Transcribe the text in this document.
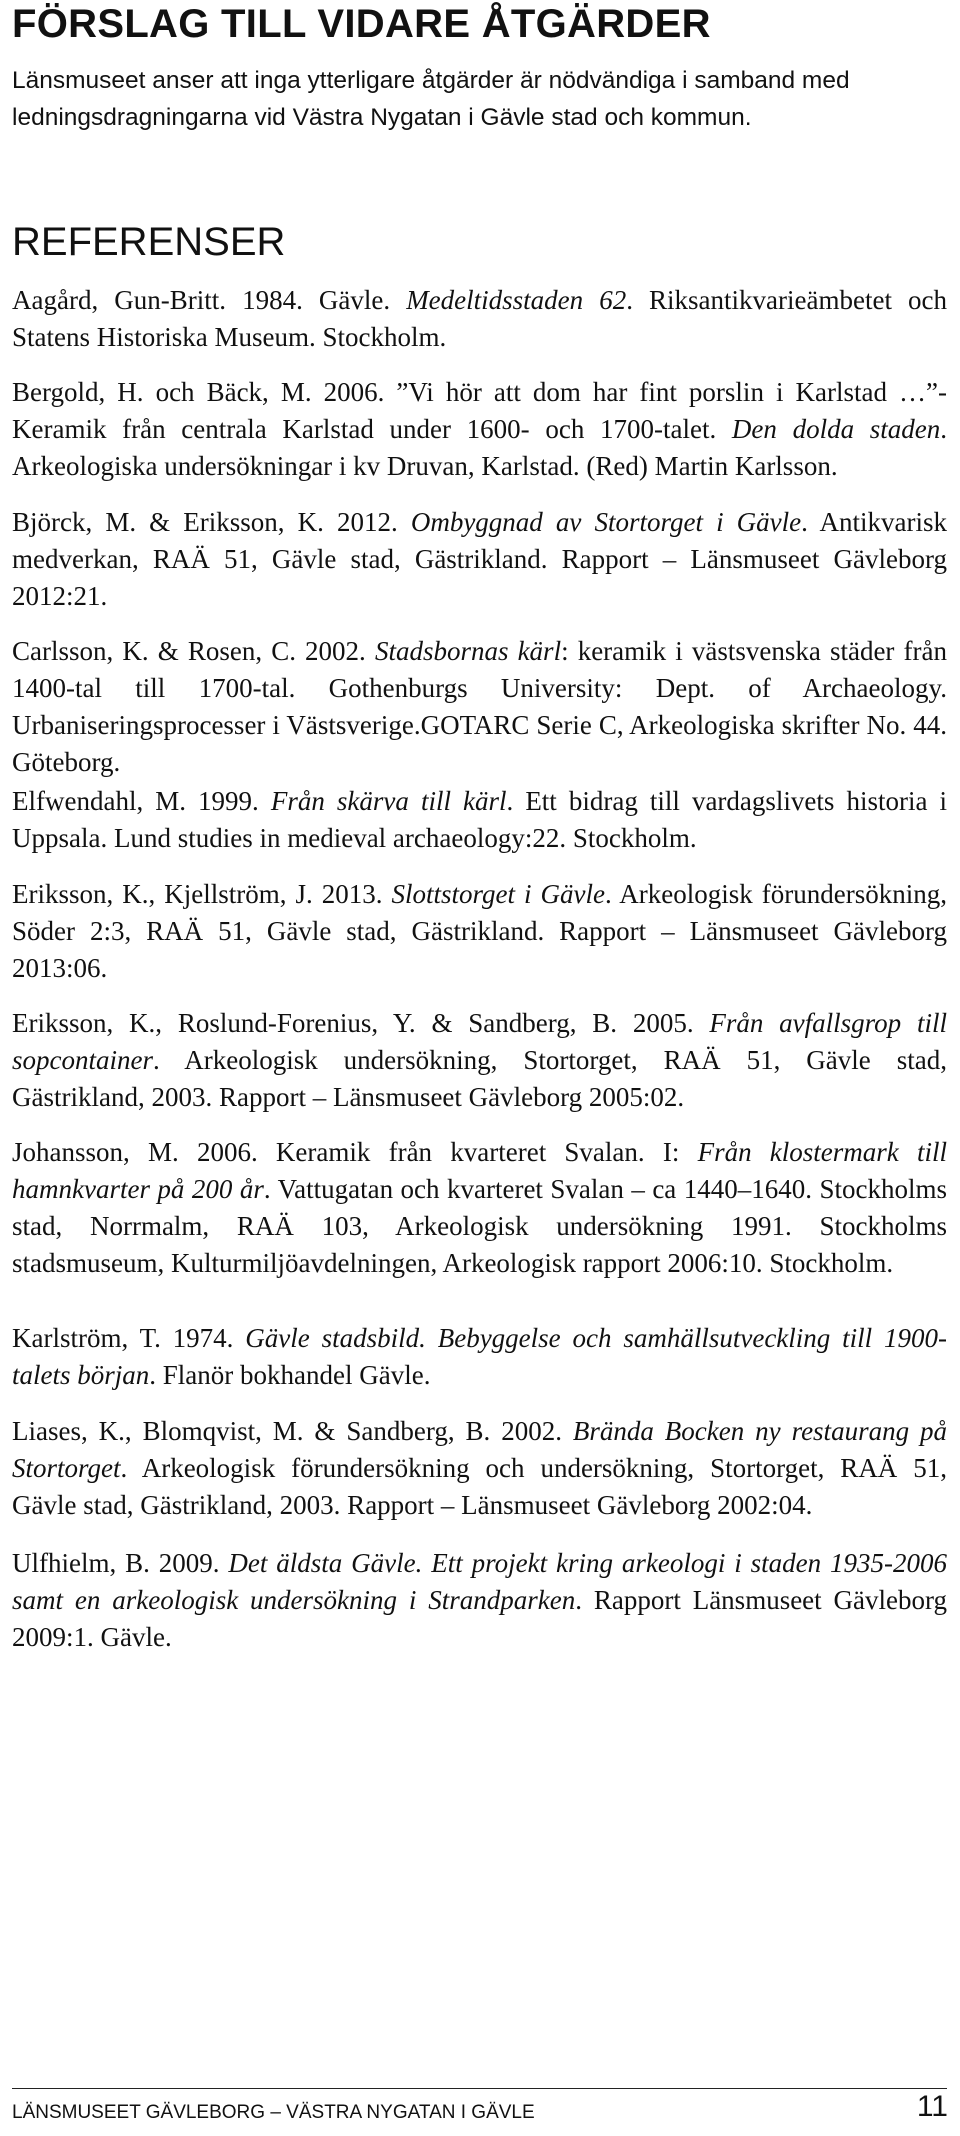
FÖRSLAG TILL VIDARE ÅTGÄRDER

Länsmuseet anser att inga ytterligare åtgärder är nödvändiga i samband med ledningsdragningarna vid Västra Nygatan i Gävle stad och kommun.

REFERENSER

Aagård, Gun-Britt. 1984. Gävle. Medeltidsstaden 62. Riksantikvarieämbetet och Statens Historiska Museum. Stockholm.

Bergold, H. och Bäck, M. 2006. ”Vi hör att dom har fint porslin i Karlstad …”- Keramik från centrala Karlstad under 1600- och 1700-talet. Den dolda staden. Arkeologiska undersökningar i kv Druvan, Karlstad. (Red) Martin Karlsson.

Björck, M. & Eriksson, K. 2012. Ombyggnad av Stortorget i Gävle. Antikvarisk medverkan, RAÄ 51, Gävle stad, Gästrikland. Rapport – Länsmuseet Gävleborg 2012:21.

Carlsson, K. & Rosen, C. 2002. Stadsbornas kärl: keramik i västsvenska städer från 1400-tal till 1700-tal. Gothenburgs University: Dept. of Archaeology. Urbaniseringsprocesser i Västsverige.GOTARC Serie C, Arkeologiska skrifter No. 44. Göteborg.

Elfwendahl, M. 1999. Från skärva till kärl. Ett bidrag till vardagslivets historia i Uppsala. Lund studies in medieval archaeology:22. Stockholm.

Eriksson, K., Kjellström, J. 2013. Slottstorget i Gävle. Arkeologisk förundersökning, Söder 2:3, RAÄ 51, Gävle stad, Gästrikland. Rapport – Länsmuseet Gävleborg 2013:06.

Eriksson, K., Roslund-Forenius, Y. & Sandberg, B. 2005. Från avfallsgrop till sopcontainer. Arkeologisk undersökning, Stortorget, RAÄ 51, Gävle stad, Gästrikland, 2003. Rapport – Länsmuseet Gävleborg 2005:02.

Johansson, M. 2006. Keramik från kvarteret Svalan. I: Från klostermark till hamnkvarter på 200 år. Vattugatan och kvarteret Svalan – ca 1440–1640. Stockholms stad, Norrmalm, RAÄ 103, Arkeologisk undersökning 1991. Stockholms stadsmuseum, Kulturmiljöavdelningen, Arkeologisk rapport 2006:10. Stockholm.

Karlström, T. 1974. Gävle stadsbild. Bebyggelse och samhällsutveckling till 1900-talets början. Flanör bokhandel Gävle.

Liases, K., Blomqvist, M. & Sandberg, B. 2002. Brända Bocken ny restaurang på Stortorget. Arkeologisk förundersökning och undersökning, Stortorget, RAÄ 51, Gävle stad, Gästrikland, 2003. Rapport – Länsmuseet Gävleborg 2002:04.

Ulfhielm, B. 2009. Det äldsta Gävle. Ett projekt kring arkeologi i staden 1935-2006 samt en arkeologisk undersökning i Strandparken. Rapport Länsmuseet Gävleborg 2009:1. Gävle.

LÄNSMUSEET GÄVLEBORG – VÄSTRA NYGATAN I GÄVLE	11
